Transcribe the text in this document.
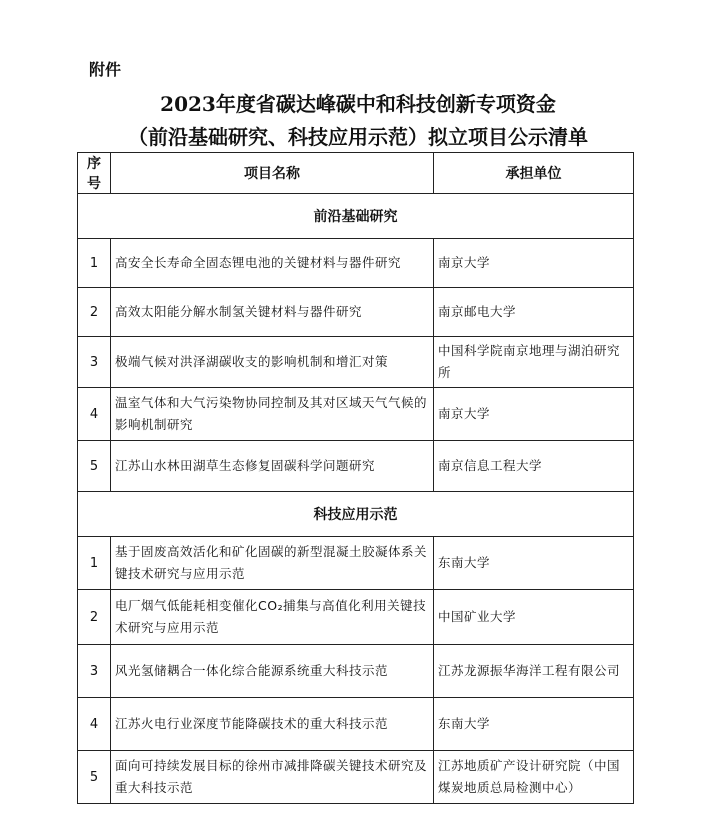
附件
2023年度省碳达峰碳中和科技创新专项资金
（前沿基础研究、科技应用示范）拟立项目公示清单
序号	项目名称	承担单位
前沿基础研究		
1	高安全长寿命全固态锂电池的关键材料与器件研究	南京大学
2	高效太阳能分解水制氢关键材料与器件研究	南京邮电大学
3	极端气候对洪泽湖碳收支的影响机制和增汇对策	中国科学院南京地理与湖泊研究所
4	温室气体和大气污染物协同控制及其对区域天气气候的影响机制研究	南京大学
5	江苏山水林田湖草生态修复固碳科学问题研究	南京信息工程大学
科技应用示范		
1	基于固废高效活化和矿化固碳的新型混凝土胶凝体系关键技术研究与应用示范	东南大学
2	电厂烟气低能耗相变催化CO₂捕集与高值化利用关键技术研究与应用示范	中国矿业大学
3	风光氢储耦合一体化综合能源系统重大科技示范	江苏龙源振华海洋工程有限公司
4	江苏火电行业深度节能降碳技术的重大科技示范	东南大学
5	面向可持续发展目标的徐州市减排降碳关键技术研究及重大科技示范	江苏地质矿产设计研究院（中国煤炭地质总局检测中心）
